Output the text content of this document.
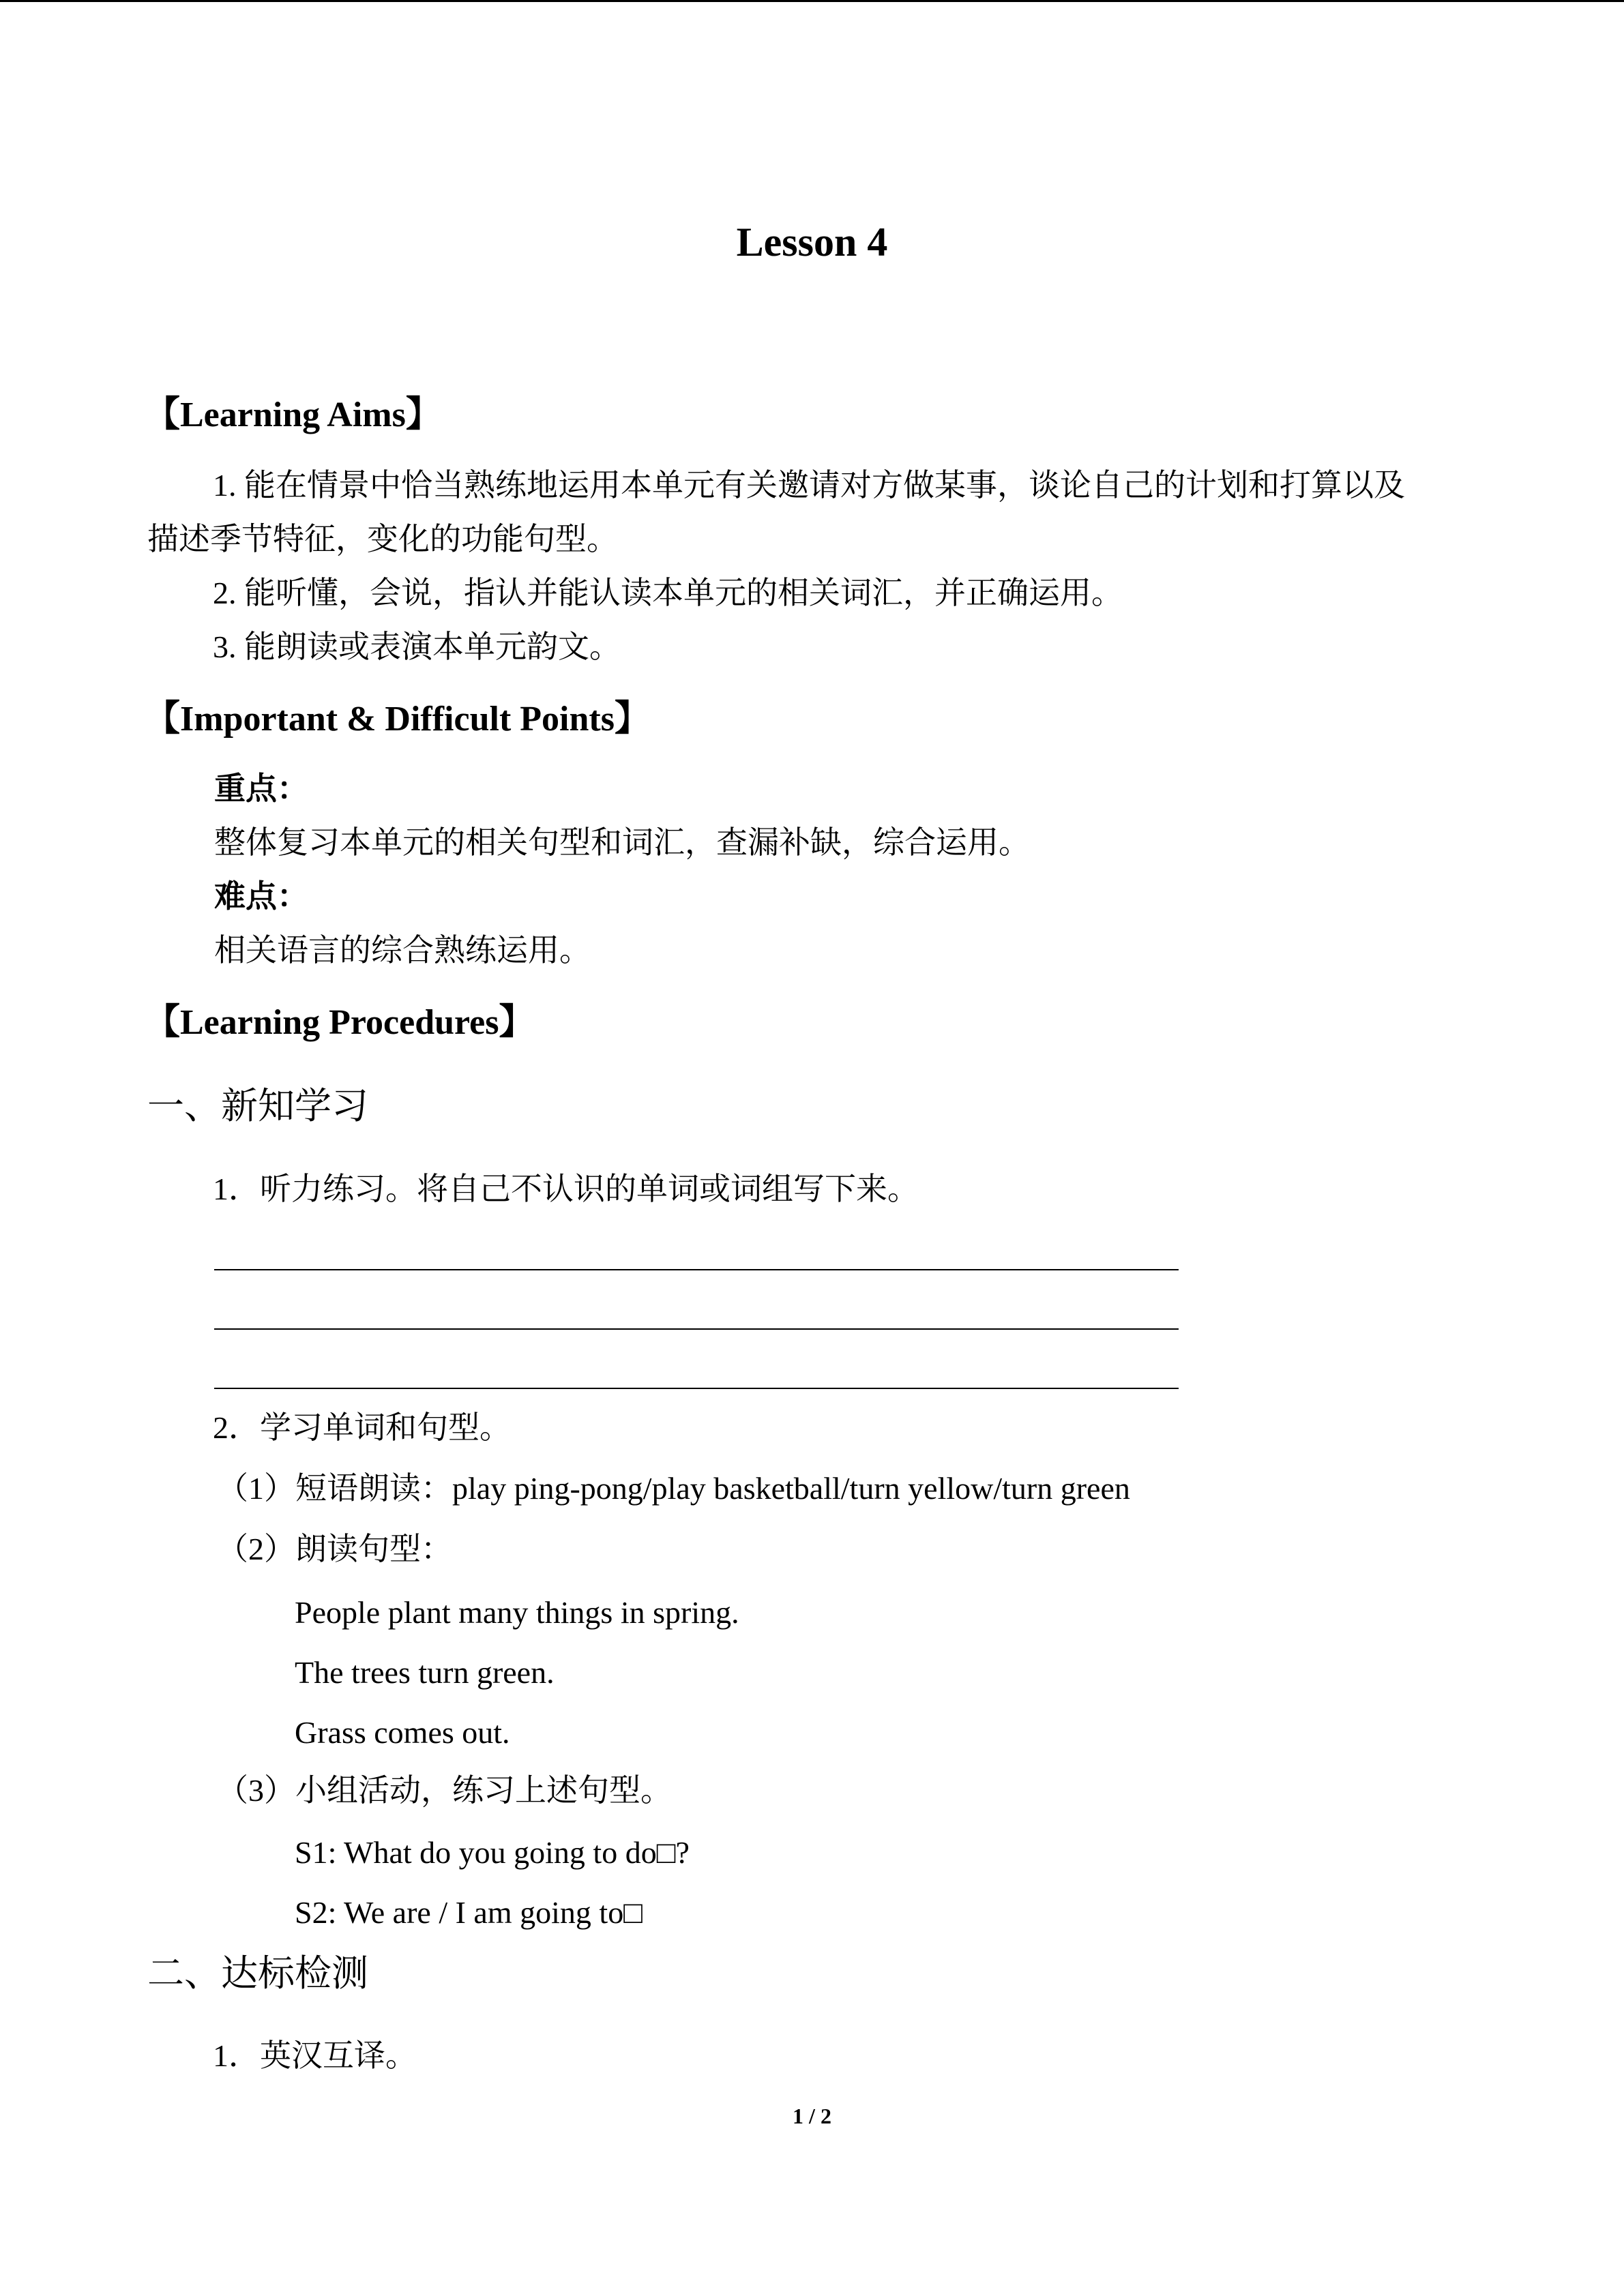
Lesson 4
【Learning Aims】
1. 能在情景中恰当熟练地运用本单元有关邀请对方做某事，谈论自己的计划和打算以及
描述季节特征，变化的功能句型。
2. 能听懂，会说，指认并能认读本单元的相关词汇，并正确运用。
3. 能朗读或表演本单元韵文。
【Important & Difficult Points】
重点：
整体复习本单元的相关句型和词汇，查漏补缺，综合运用。
难点：
相关语言的综合熟练运用。
【Learning Procedures】
一、新知学习
1．听力练习。将自己不认识的单词或词组写下来。
2．学习单词和句型。
（1）短语朗读：play ping-pong/play basketball/turn yellow/turn green
（2）朗读句型：
People plant many things in spring.
The trees turn green.
Grass comes out.
（3）小组活动，练习上述句型。
S1: What do you going to do□?
S2: We are / I am going to□
二、达标检测
1．英汉互译。
1 / 2
